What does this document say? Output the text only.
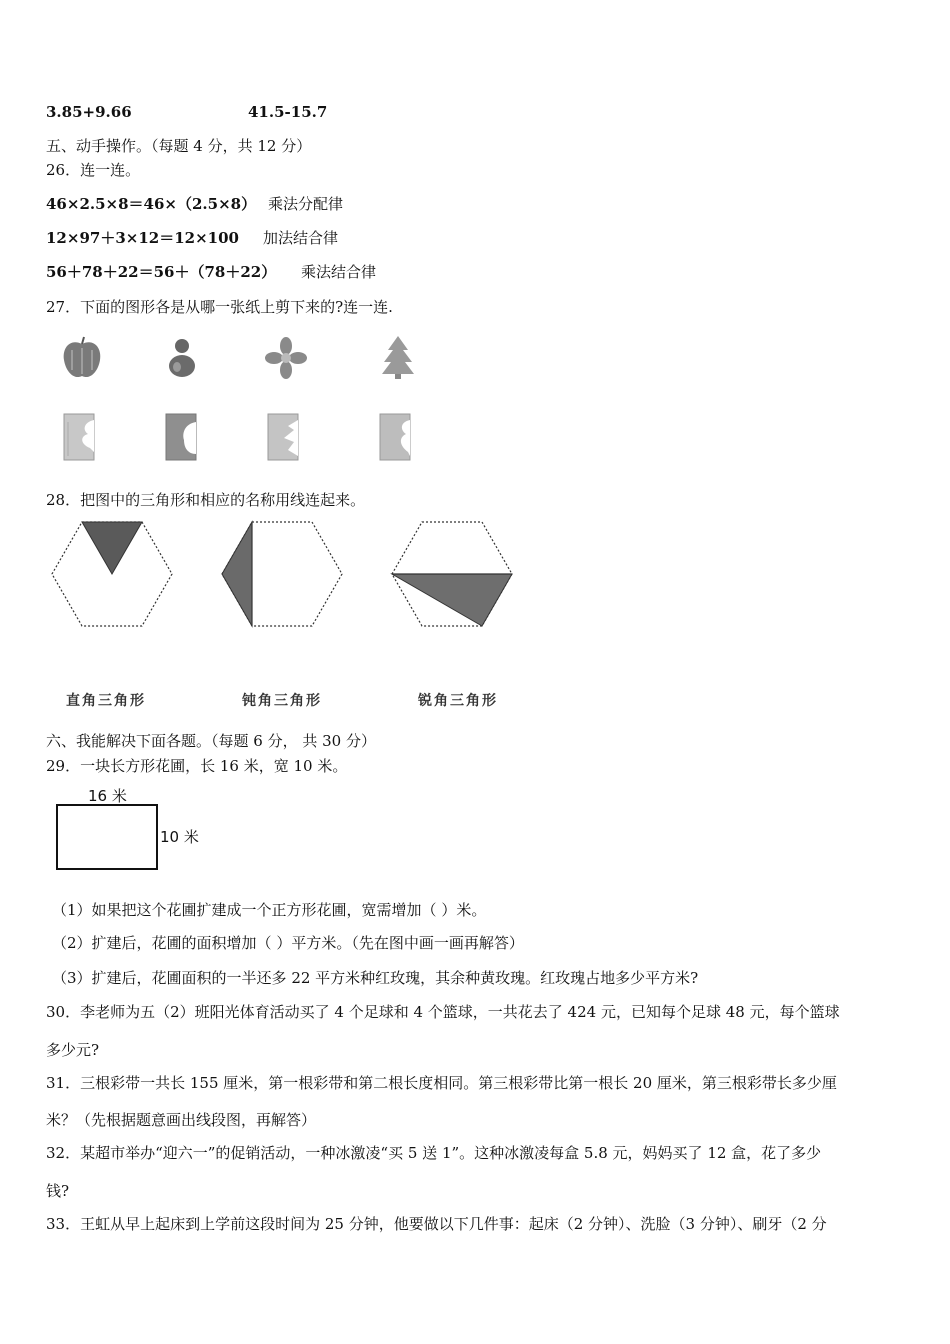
3.85+9.66	41.5-15.7
五、动手操作。（每题 4 分，共 12 分）
26．连一连。
46×2.5×8＝46×（2.5×8） 乘法分配律
12×97＋3×12＝12×100 加法结合律
56＋78＋22＝56＋（78＋22） 乘法结合律
27．下面的图形各是从哪一张纸上剪下来的?连一连.
28．把图中的三角形和相应的名称用线连起来。
直角三角形	钝角三角形	锐角三角形
六、我能解决下面各题。（每题 6 分， 共 30 分）
29．一块长方形花圃，长 16 米，宽 10 米。
16 米
10 米
（1）如果把这个花圃扩建成一个正方形花圃，宽需增加（ ）米。
（2）扩建后，花圃的面积增加（ ）平方米。（先在图中画一画再解答）
（3）扩建后，花圃面积的一半还多 22 平方米种红玫瑰，其余种黄玫瑰。红玫瑰占地多少平方米?
30．李老师为五（2）班阳光体育活动买了 4 个足球和 4 个篮球，一共花去了 424 元，已知每个足球 48 元，每个篮球
多少元?
31．三根彩带一共长 155 厘米，第一根彩带和第二根长度相同。第三根彩带比第一根长 20 厘米，第三根彩带长多少厘
米？（先根据题意画出线段图，再解答）
32．某超市举办“迎六一”的促销活动，一种冰激凌“买 5 送 1”。这种冰激凌每盒 5.8 元，妈妈买了 12 盒，花了多少
钱?
33．王虹从早上起床到上学前这段时间为 25 分钟，他要做以下几件事：起床（2 分钟）、洗脸（3 分钟）、刷牙（2 分
